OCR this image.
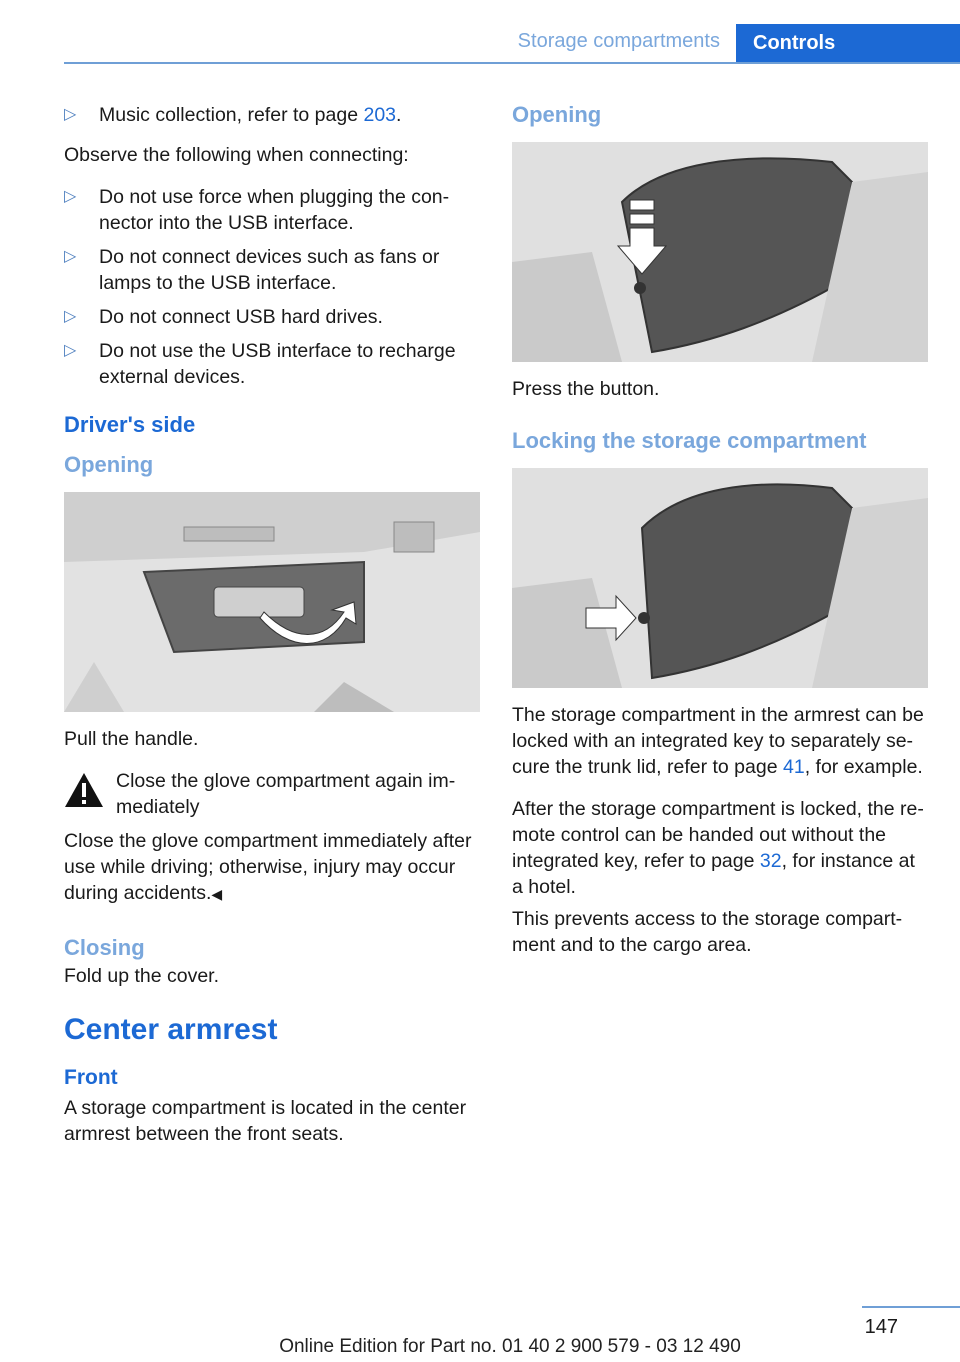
Storage compartments Controls
▷ Music collection, refer to page 203.

Observe the following when connecting:

▷ Do not use force when plugging the con‐nector into the USB interface.
▷ Do not connect devices such as fans or lamps to the USB interface.
▷ Do not connect USB hard drives.
▷ Do not use the USB interface to recharge external devices.
Driver's side
Opening

Pull the handle.

Close the glove compartment again im‐mediately

Close the glove compartment immediately after use while driving; otherwise, injury may occur during accidents.◀

Closing

Fold up the cover.

Center armrest
Front

A storage compartment is located in the center armrest between the front seats.

Opening

Press the button.

Locking the storage compartment

The storage compartment in the armrest can be locked with an integrated key to separately se‐cure the trunk lid, refer to page 41, for example.

After the storage compartment is locked, the re‐mote control can be handed out without the integrated key, refer to page 32, for instance at a hotel.

This prevents access to the storage compart‐ment and to the cargo area.

147
Online Edition for Part no. 01 40 2 900 579 - 03 12 490
